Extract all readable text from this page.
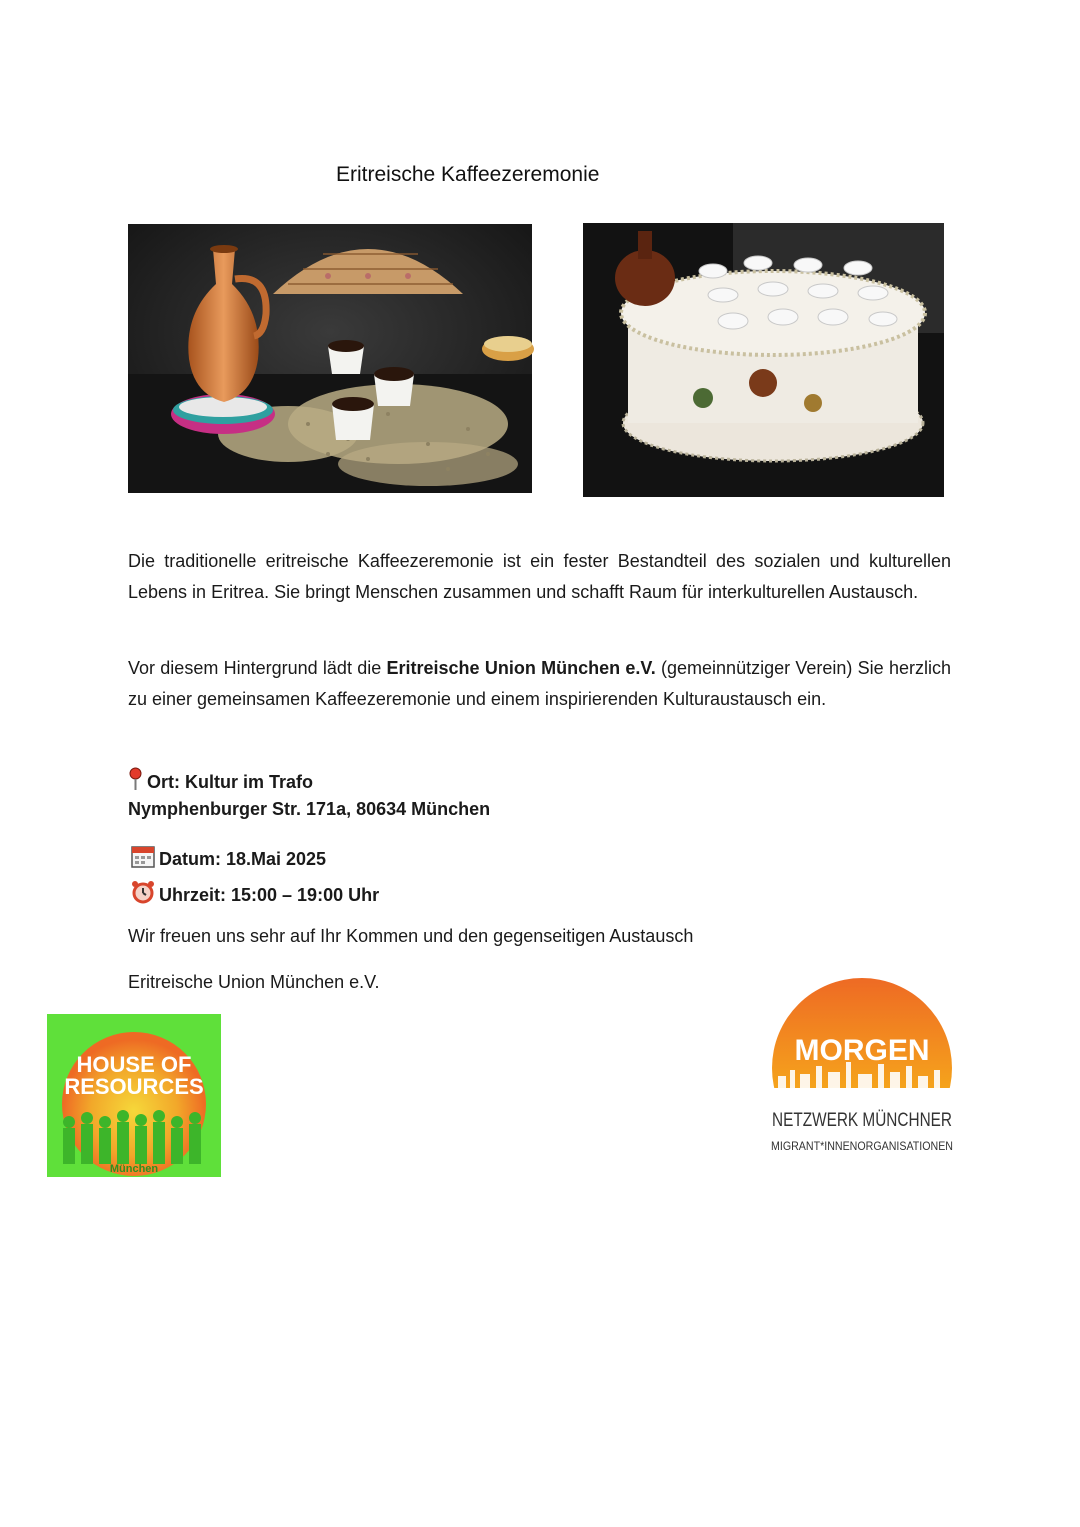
Eritreische Kaffeezeremonie
Die traditionelle eritreische Kaffeezeremonie ist ein fester Bestandteil des sozialen und kulturellen Lebens in Eritrea. Sie bringt Menschen zusammen und schafft Raum für interkulturellen Austausch.
Vor diesem Hintergrund lädt die Eritreische Union München e.V. (gemeinnütziger Verein) Sie herzlich zu einer gemeinsamen Kaffeezeremonie und einem inspirierenden Kulturaustausch ein.
Ort: Kultur im Trafo
Nymphenburger Str. 171a, 80634 München
Datum: 18.Mai 2025
Uhrzeit: 15:00 – 19:00 Uhr
Wir freuen uns sehr auf Ihr Kommen und den gegenseitigen Austausch
Eritreische Union München e.V.
HOUSE OF
RESOURCES
München
MORGEN
NETZWERK MÜNCHNER
MIGRANT*INNENORGANISATIONEN
